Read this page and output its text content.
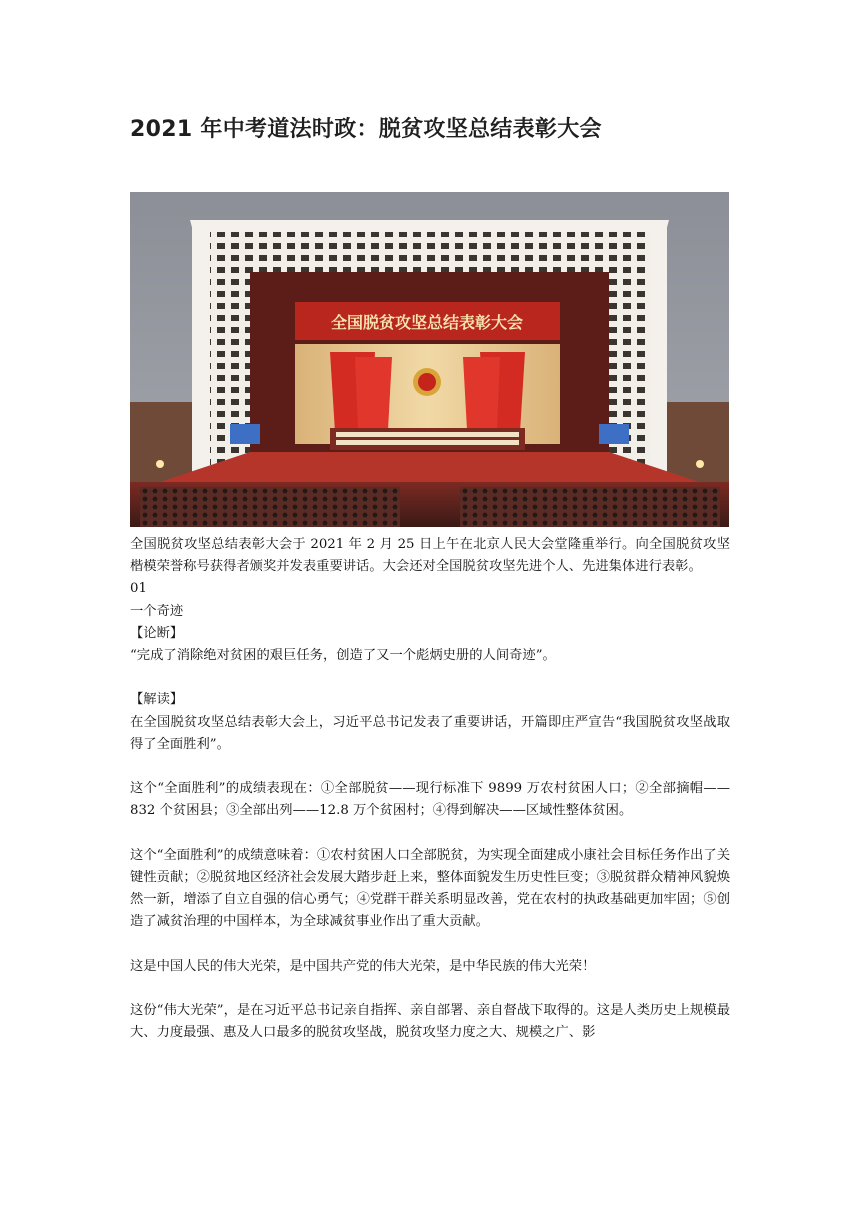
2021 年中考道法时政：脱贫攻坚总结表彰大会
全国脱贫攻坚总结表彰大会

全国脱贫攻坚总结表彰大会于 2021 年 2 月 25 日上午在北京人民大会堂隆重举行。向全国脱贫攻坚楷模荣誉称号获得者颁奖并发表重要讲话。大会还对全国脱贫攻坚先进个人、先进集体进行表彰。

01

一个奇迹

【论断】

“完成了消除绝对贫困的艰巨任务，创造了又一个彪炳史册的人间奇迹”。

【解读】

在全国脱贫攻坚总结表彰大会上，习近平总书记发表了重要讲话，开篇即庄严宣告“我国脱贫攻坚战取得了全面胜利”。

这个“全面胜利”的成绩表现在：①全部脱贫——现行标准下 9899 万农村贫困人口；②全部摘帽——832 个贫困县；③全部出列——12.8 万个贫困村；④得到解决——区域性整体贫困。

这个“全面胜利”的成绩意味着：①农村贫困人口全部脱贫，为实现全面建成小康社会目标任务作出了关键性贡献；②脱贫地区经济社会发展大踏步赶上来，整体面貌发生历史性巨变；③脱贫群众精神风貌焕然一新，增添了自立自强的信心勇气；④党群干群关系明显改善，党在农村的执政基础更加牢固；⑤创造了减贫治理的中国样本，为全球减贫事业作出了重大贡献。

这是中国人民的伟大光荣，是中国共产党的伟大光荣，是中华民族的伟大光荣！

这份“伟大光荣”，是在习近平总书记亲自指挥、亲自部署、亲自督战下取得的。这是人类历史上规模最大、力度最强、惠及人口最多的脱贫攻坚战，脱贫攻坚力度之大、规模之广、影
